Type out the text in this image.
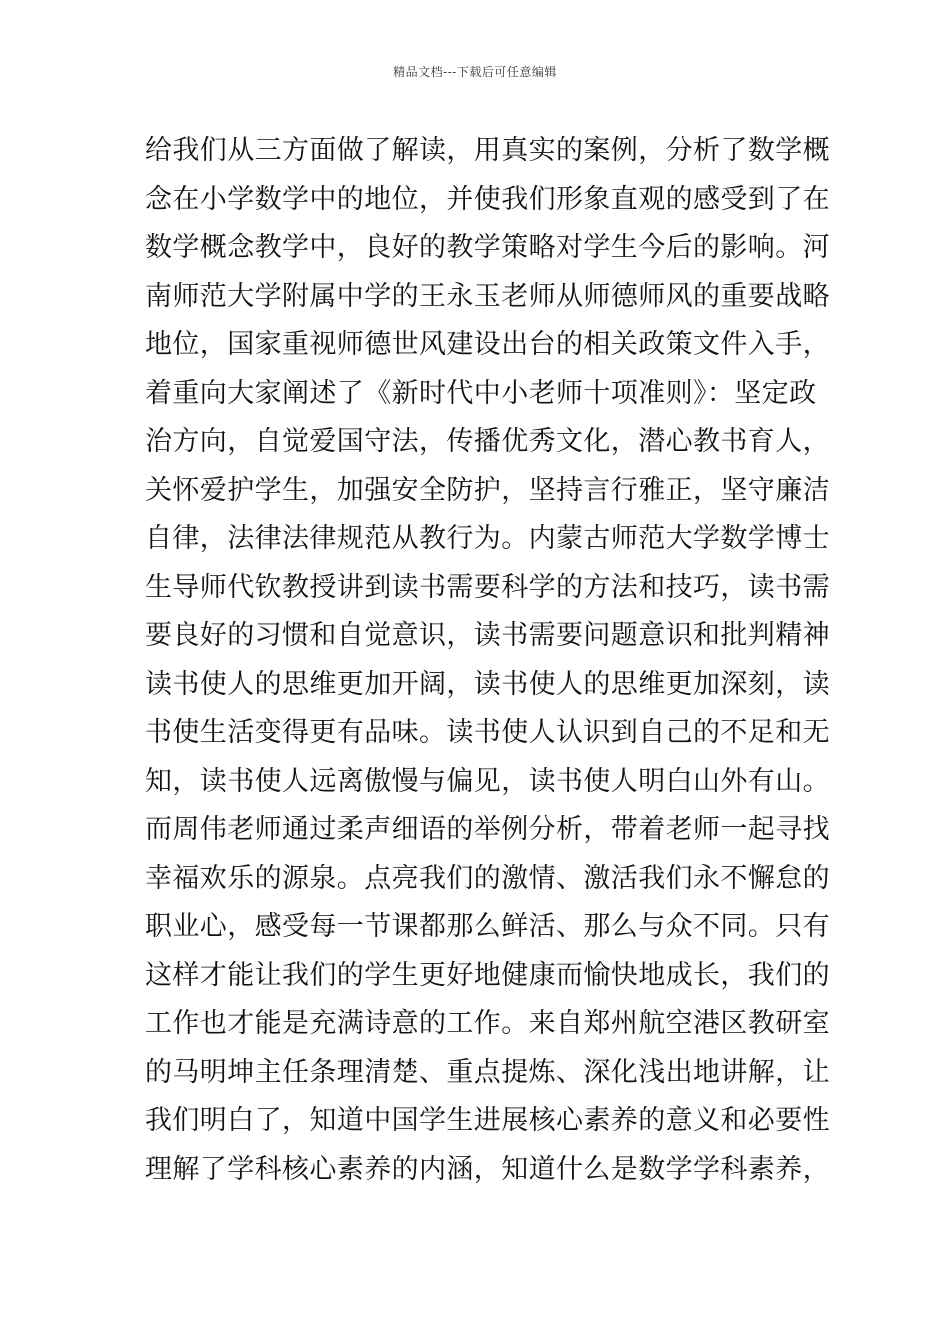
精品文档---下载后可任意编辑
给我们从三方面做了解读，用真实的案例，分析了数学概
念在小学数学中的地位，并使我们形象直观的感受到了在
数学概念教学中，良好的教学策略对学生今后的影响。河
南师范大学附属中学的王永玉老师从师德师风的重要战略
地位，国家重视师德世风建设出台的相关政策文件入手，
着重向大家阐述了《新时代中小老师十项准则》：坚定政
治方向，自觉爱国守法，传播优秀文化，潜心教书育人，
关怀爱护学生，加强安全防护，坚持言行雅正，坚守廉洁
自律，法律法律规范从教行为。内蒙古师范大学数学博士
生导师代钦教授讲到读书需要科学的方法和技巧，读书需
要良好的习惯和自觉意识，读书需要问题意识和批判精神
读书使人的思维更加开阔，读书使人的思维更加深刻，读
书使生活变得更有品味。读书使人认识到自己的不足和无
知，读书使人远离傲慢与偏见，读书使人明白山外有山。
而周伟老师通过柔声细语的举例分析，带着老师一起寻找
幸福欢乐的源泉。点亮我们的激情、激活我们永不懈怠的
职业心，感受每一节课都那么鲜活、那么与众不同。只有
这样才能让我们的学生更好地健康而愉快地成长，我们的
工作也才能是充满诗意的工作。来自郑州航空港区教研室
的马明坤主任条理清楚、重点提炼、深化浅出地讲解，让
我们明白了，知道中国学生进展核心素养的意义和必要性
理解了学科核心素养的内涵，知道什么是数学学科素养，
